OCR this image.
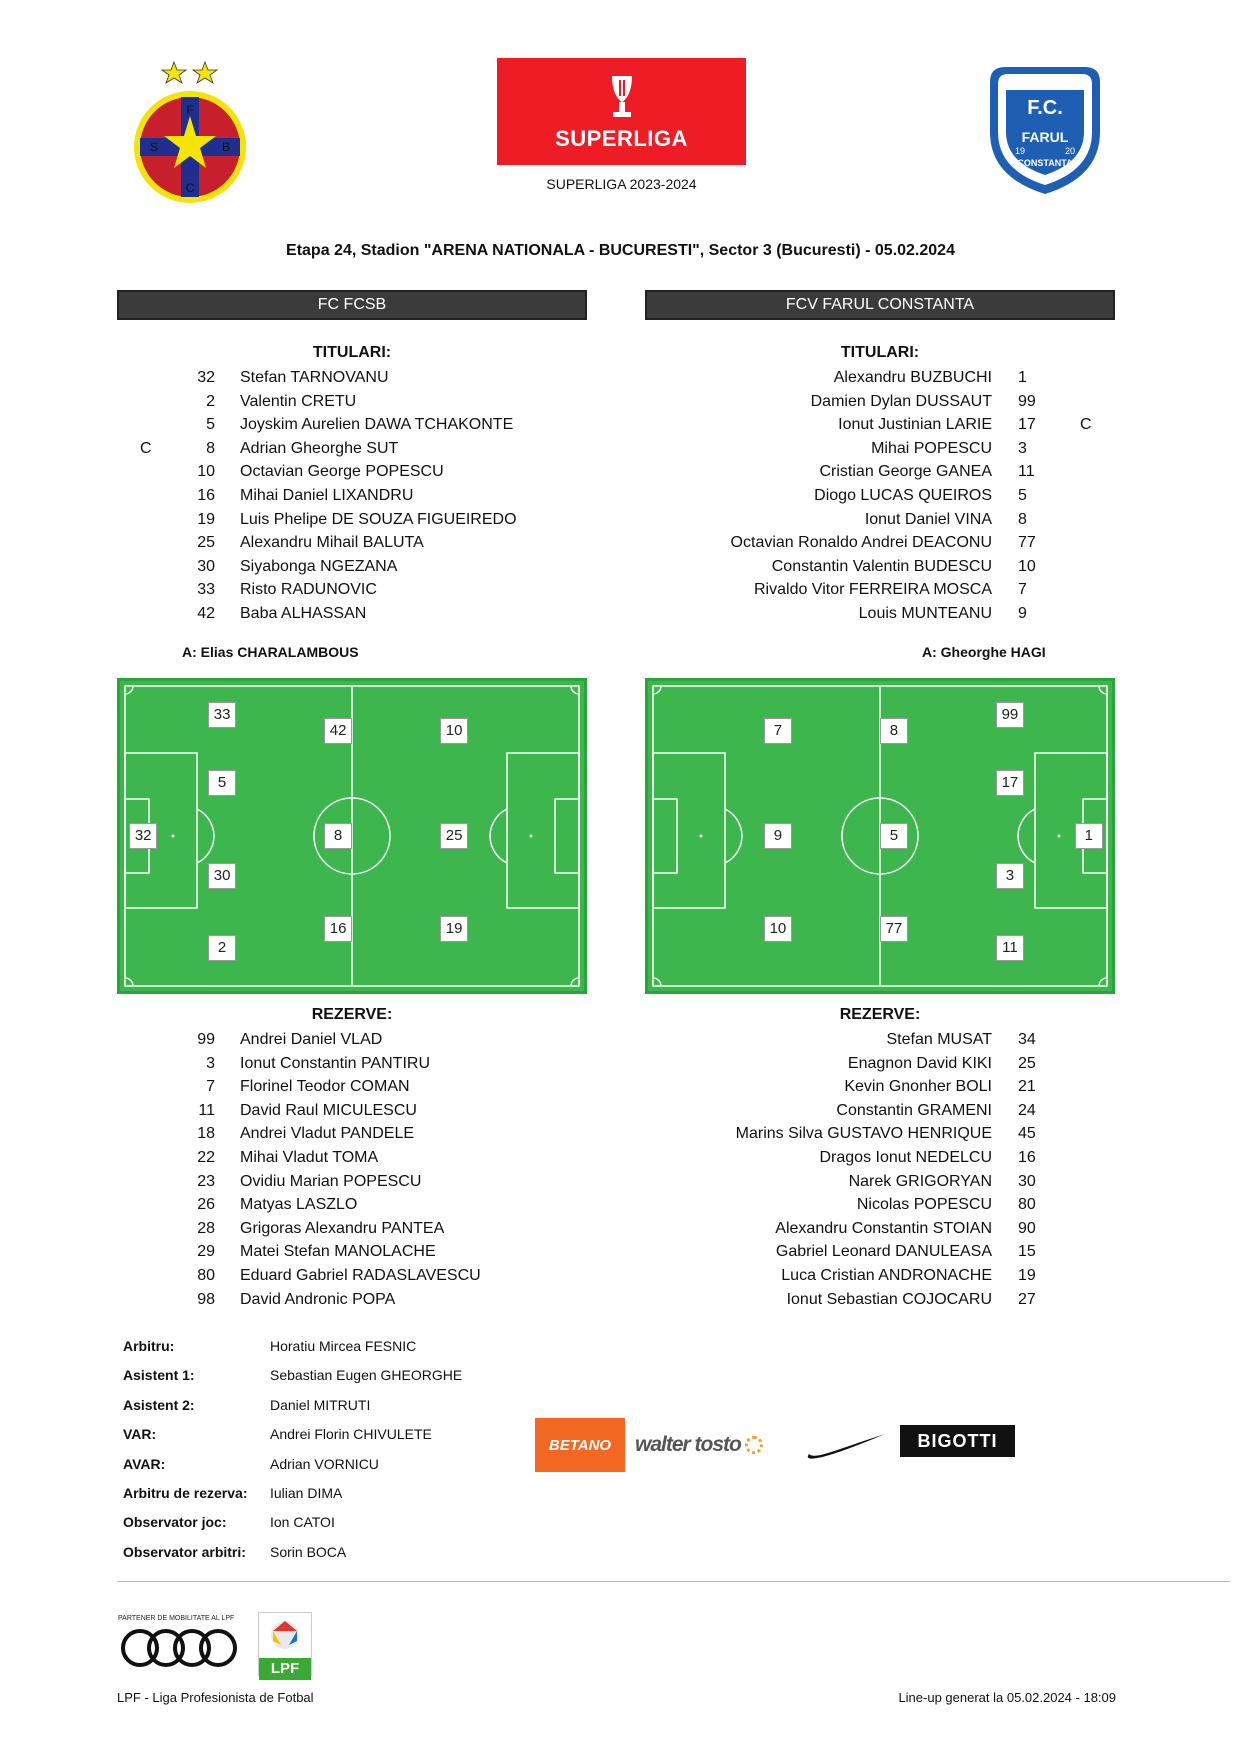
F
C
S	B	SUPERLIGA
SUPERLIGA 2023-2024
F.C.
FARUL
CONSTANTA
19	20
Etapa 24, Stadion "ARENA NATIONALA - BUCURESTI", Sector 3 (Bucuresti) - 05.02.2024
FC FCSB	FCV FARUL CONSTANTA
TITULARI:	TITULARI:
32 Stefan TARNOVANU
2 Valentin CRETU
5 Joyskim Aurelien DAWA TCHAKONTE
C	8 Adrian Gheorghe SUT
10 Octavian George POPESCU
16 Mihai Daniel LIXANDRU
19 Luis Phelipe DE SOUZA FIGUEIREDO
25 Alexandru Mihail BALUTA
30 Siyabonga NGEZANA
33 Risto RADUNOVIC
42 Baba ALHASSAN
Alexandru BUZBUCHI 1
Damien Dylan DUSSAUT 99
Ionut Justinian LARIE 17	C
Mihai POPESCU 3
Cristian George GANEA 11
Diogo LUCAS QUEIROS 5
Ionut Daniel VINA 8
Octavian Ronaldo Andrei DEACONU 77
Constantin Valentin BUDESCU 10
Rivaldo Vitor FERREIRA MOSCA 7
Louis MUNTEANU 9
A: Elias CHARALAMBOUS	A: Gheorghe HAGI
33
42	10
5
32	8	25
30
16	19
2
99
7	8
17
9	5	1
3
10	77
11
REZERVE:	REZERVE:
99 Andrei Daniel VLAD
3 Ionut Constantin PANTIRU
7 Florinel Teodor COMAN
11 David Raul MICULESCU
18 Andrei Vladut PANDELE
22 Mihai Vladut TOMA
23 Ovidiu Marian POPESCU
26 Matyas LASZLO
28 Grigoras Alexandru PANTEA
29 Matei Stefan MANOLACHE
80 Eduard Gabriel RADASLAVESCU
98 David Andronic POPA
Stefan MUSAT 34
Enagnon David KIKI 25
Kevin Gnonher BOLI 21
Constantin GRAMENI 24
Marins Silva GUSTAVO HENRIQUE 45
Dragos Ionut NEDELCU 16
Narek GRIGORYAN 30
Nicolas POPESCU 80
Alexandru Constantin STOIAN 90
Gabriel Leonard DANULEASA 15
Luca Cristian ANDRONACHE 19
Ionut Sebastian COJOCARU 27
Arbitru:	Horatiu Mircea FESNIC
Asistent 1:	Sebastian Eugen GHEORGHE
Asistent 2:	Daniel MITRUTI
VAR:	Andrei Florin CHIVULETE
AVAR:	Adrian VORNICU
Arbitru de rezerva: Iulian DIMA
Observator joc:	Ion CATOI
Observator arbitri: Sorin BOCA
BETANO walter tosto	BIGOTTI
PARTENER DE MOBILITATE AL LPF
LPF
LPF - Liga Profesionista de Fotbal	Line-up generat la 05.02.2024 - 18:09
